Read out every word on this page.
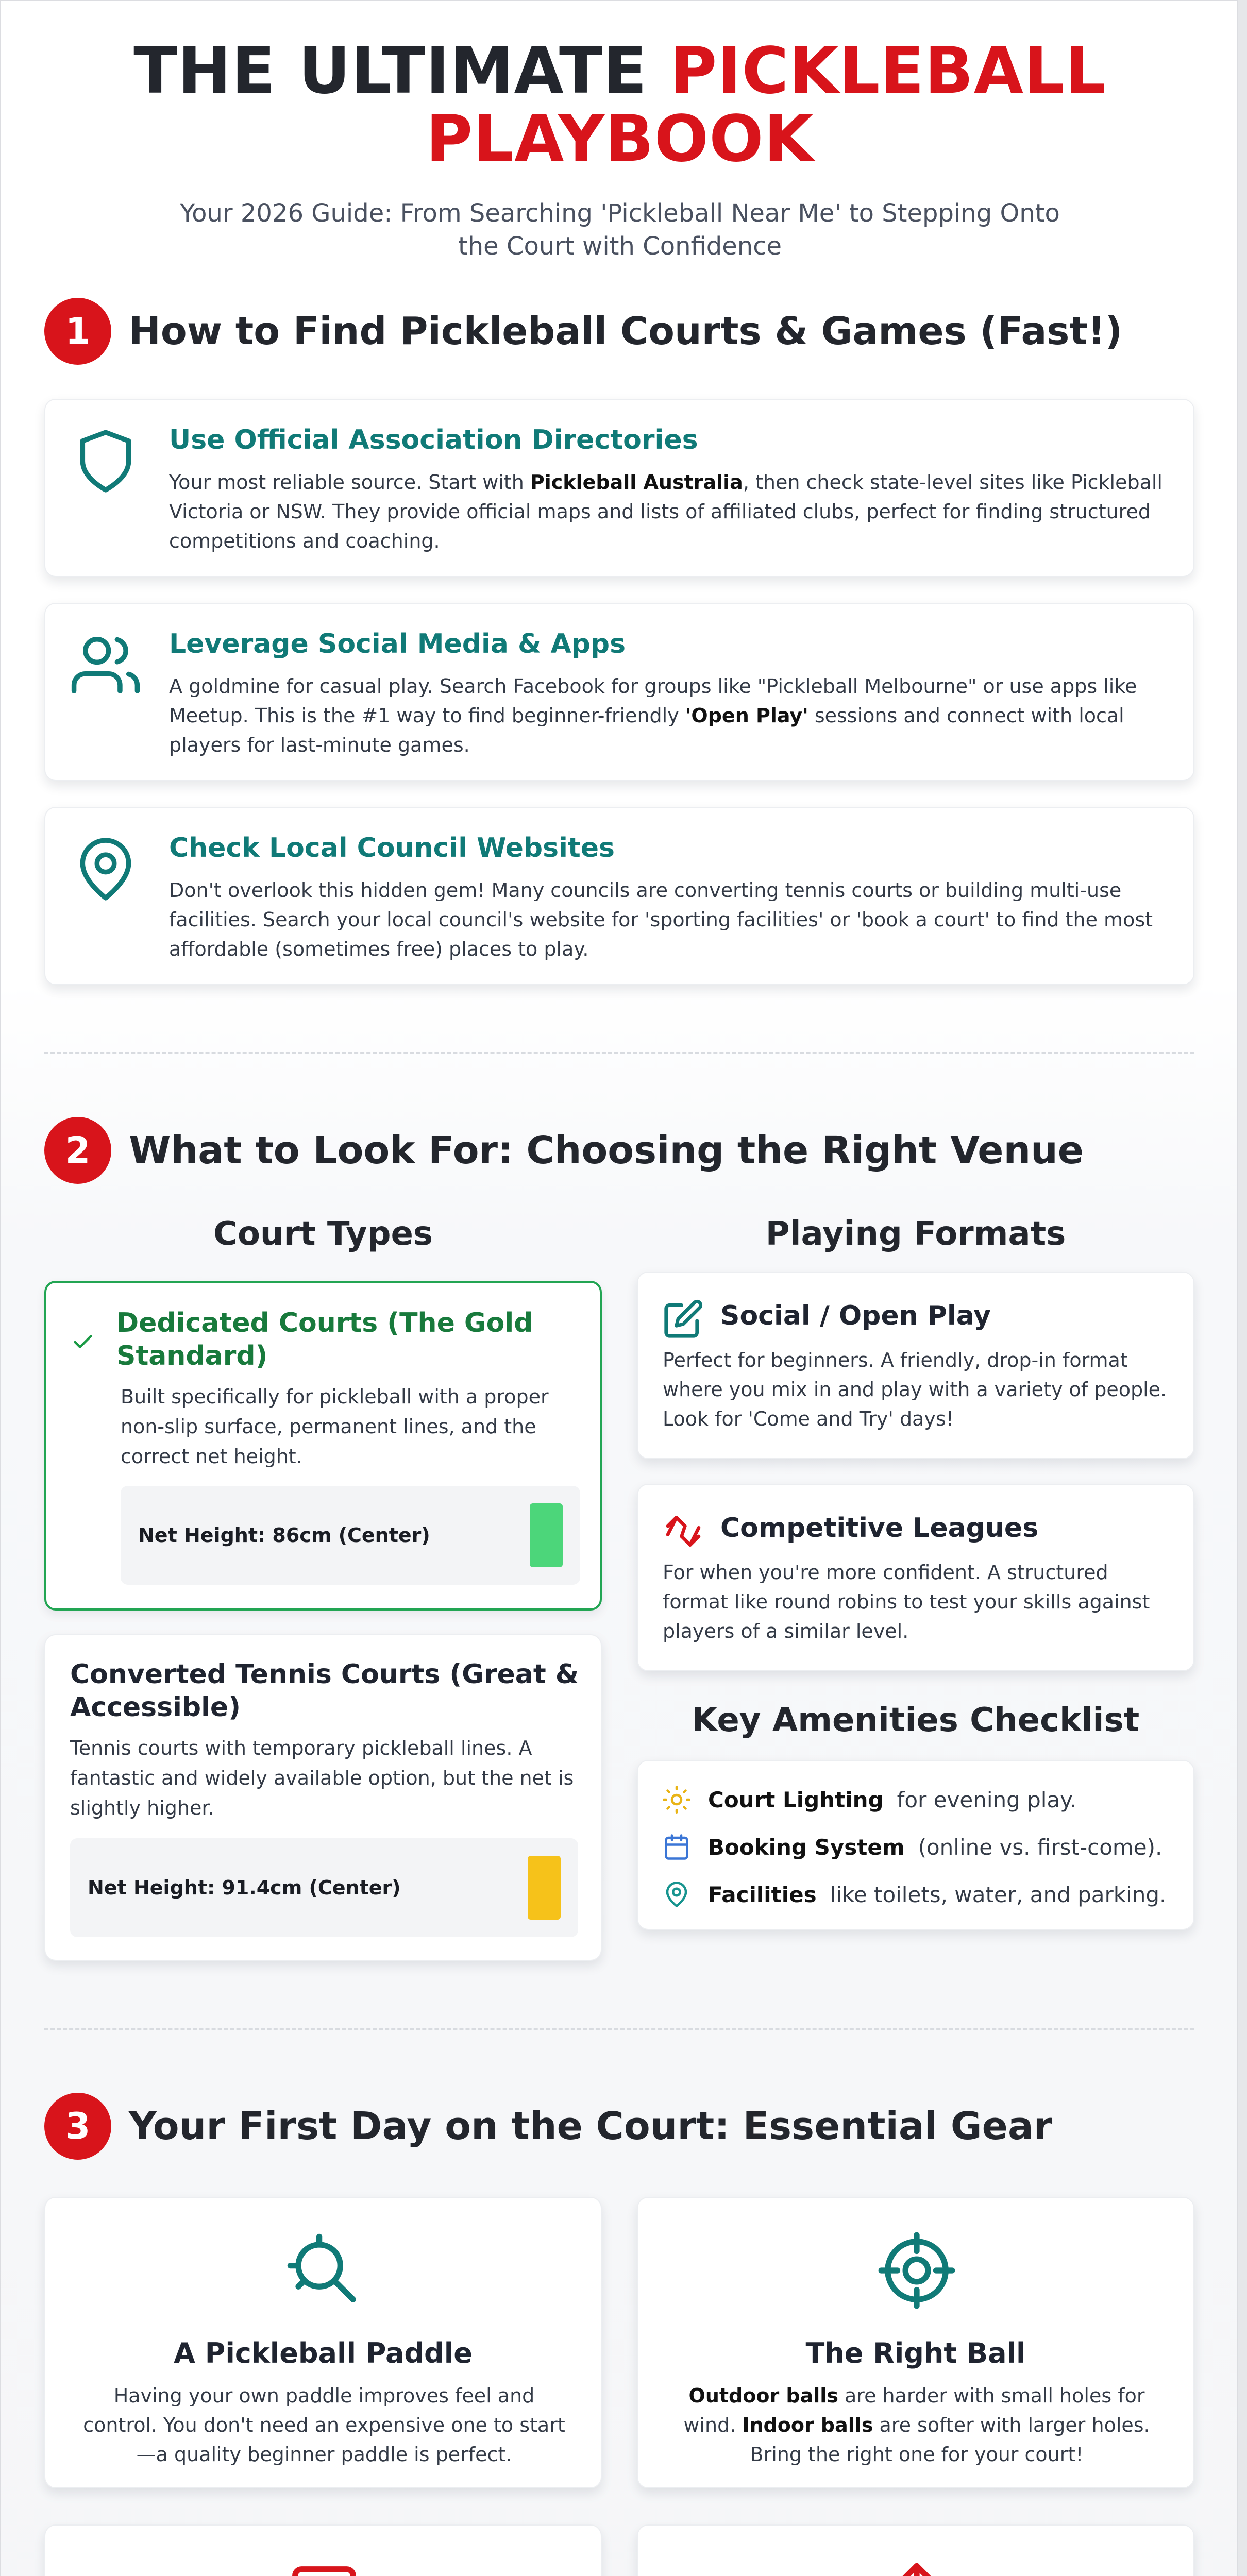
THE ULTIMATE PICKLEBALL
PLAYBOOK
Your 2026 Guide: From Searching 'Pickleball Near Me' to Stepping Onto the Court with Confidence
1	How to Find Pickleball Courts & Games (Fast!)
Use Official Association Directories
Your most reliable source. Start with Pickleball Australia, then check state-level sites like Pickleball Victoria or NSW. They provide official maps and lists of affiliated clubs, perfect for finding structured competitions and coaching.
Leverage Social Media & Apps
A goldmine for casual play. Search Facebook for groups like "Pickleball Melbourne" or use apps like Meetup. This is the #1 way to find beginner-friendly 'Open Play' sessions and connect with local players for last-minute games.
Check Local Council Websites
Don't overlook this hidden gem! Many councils are converting tennis courts or building multi-use facilities. Search your local council's website for 'sporting facilities' or 'book a court' to find the most affordable (sometimes free) places to play.
2	What to Look For: Choosing the Right Venue
Court Types	Playing Formats
Dedicated Courts (The Gold Standard)
Built specifically for pickleball with a proper non-slip surface, permanent lines, and the correct net height.
Net Height: 86cm (Center)
Converted Tennis Courts (Great & Accessible)
Tennis courts with temporary pickleball lines. A fantastic and widely available option, but the net is slightly higher.
Net Height: 91.4cm (Center)
Social / Open Play
Perfect for beginners. A friendly, drop-in format where you mix in and play with a variety of people. Look for 'Come and Try' days!
Competitive Leagues
For when you're more confident. A structured format like round robins to test your skills against players of a similar level.
Key Amenities Checklist
Court Lighting for evening play.
Booking System (online vs. first-come).
Facilities like toilets, water, and parking.
3	Your First Day on the Court: Essential Gear
A Pickleball Paddle
Having your own paddle improves feel and control. You don't need an expensive one to start—a quality beginner paddle is perfect.
The Right Ball
Outdoor balls are harder with small holes for wind. Indoor balls are softer with larger holes. Bring the right one for your court!
